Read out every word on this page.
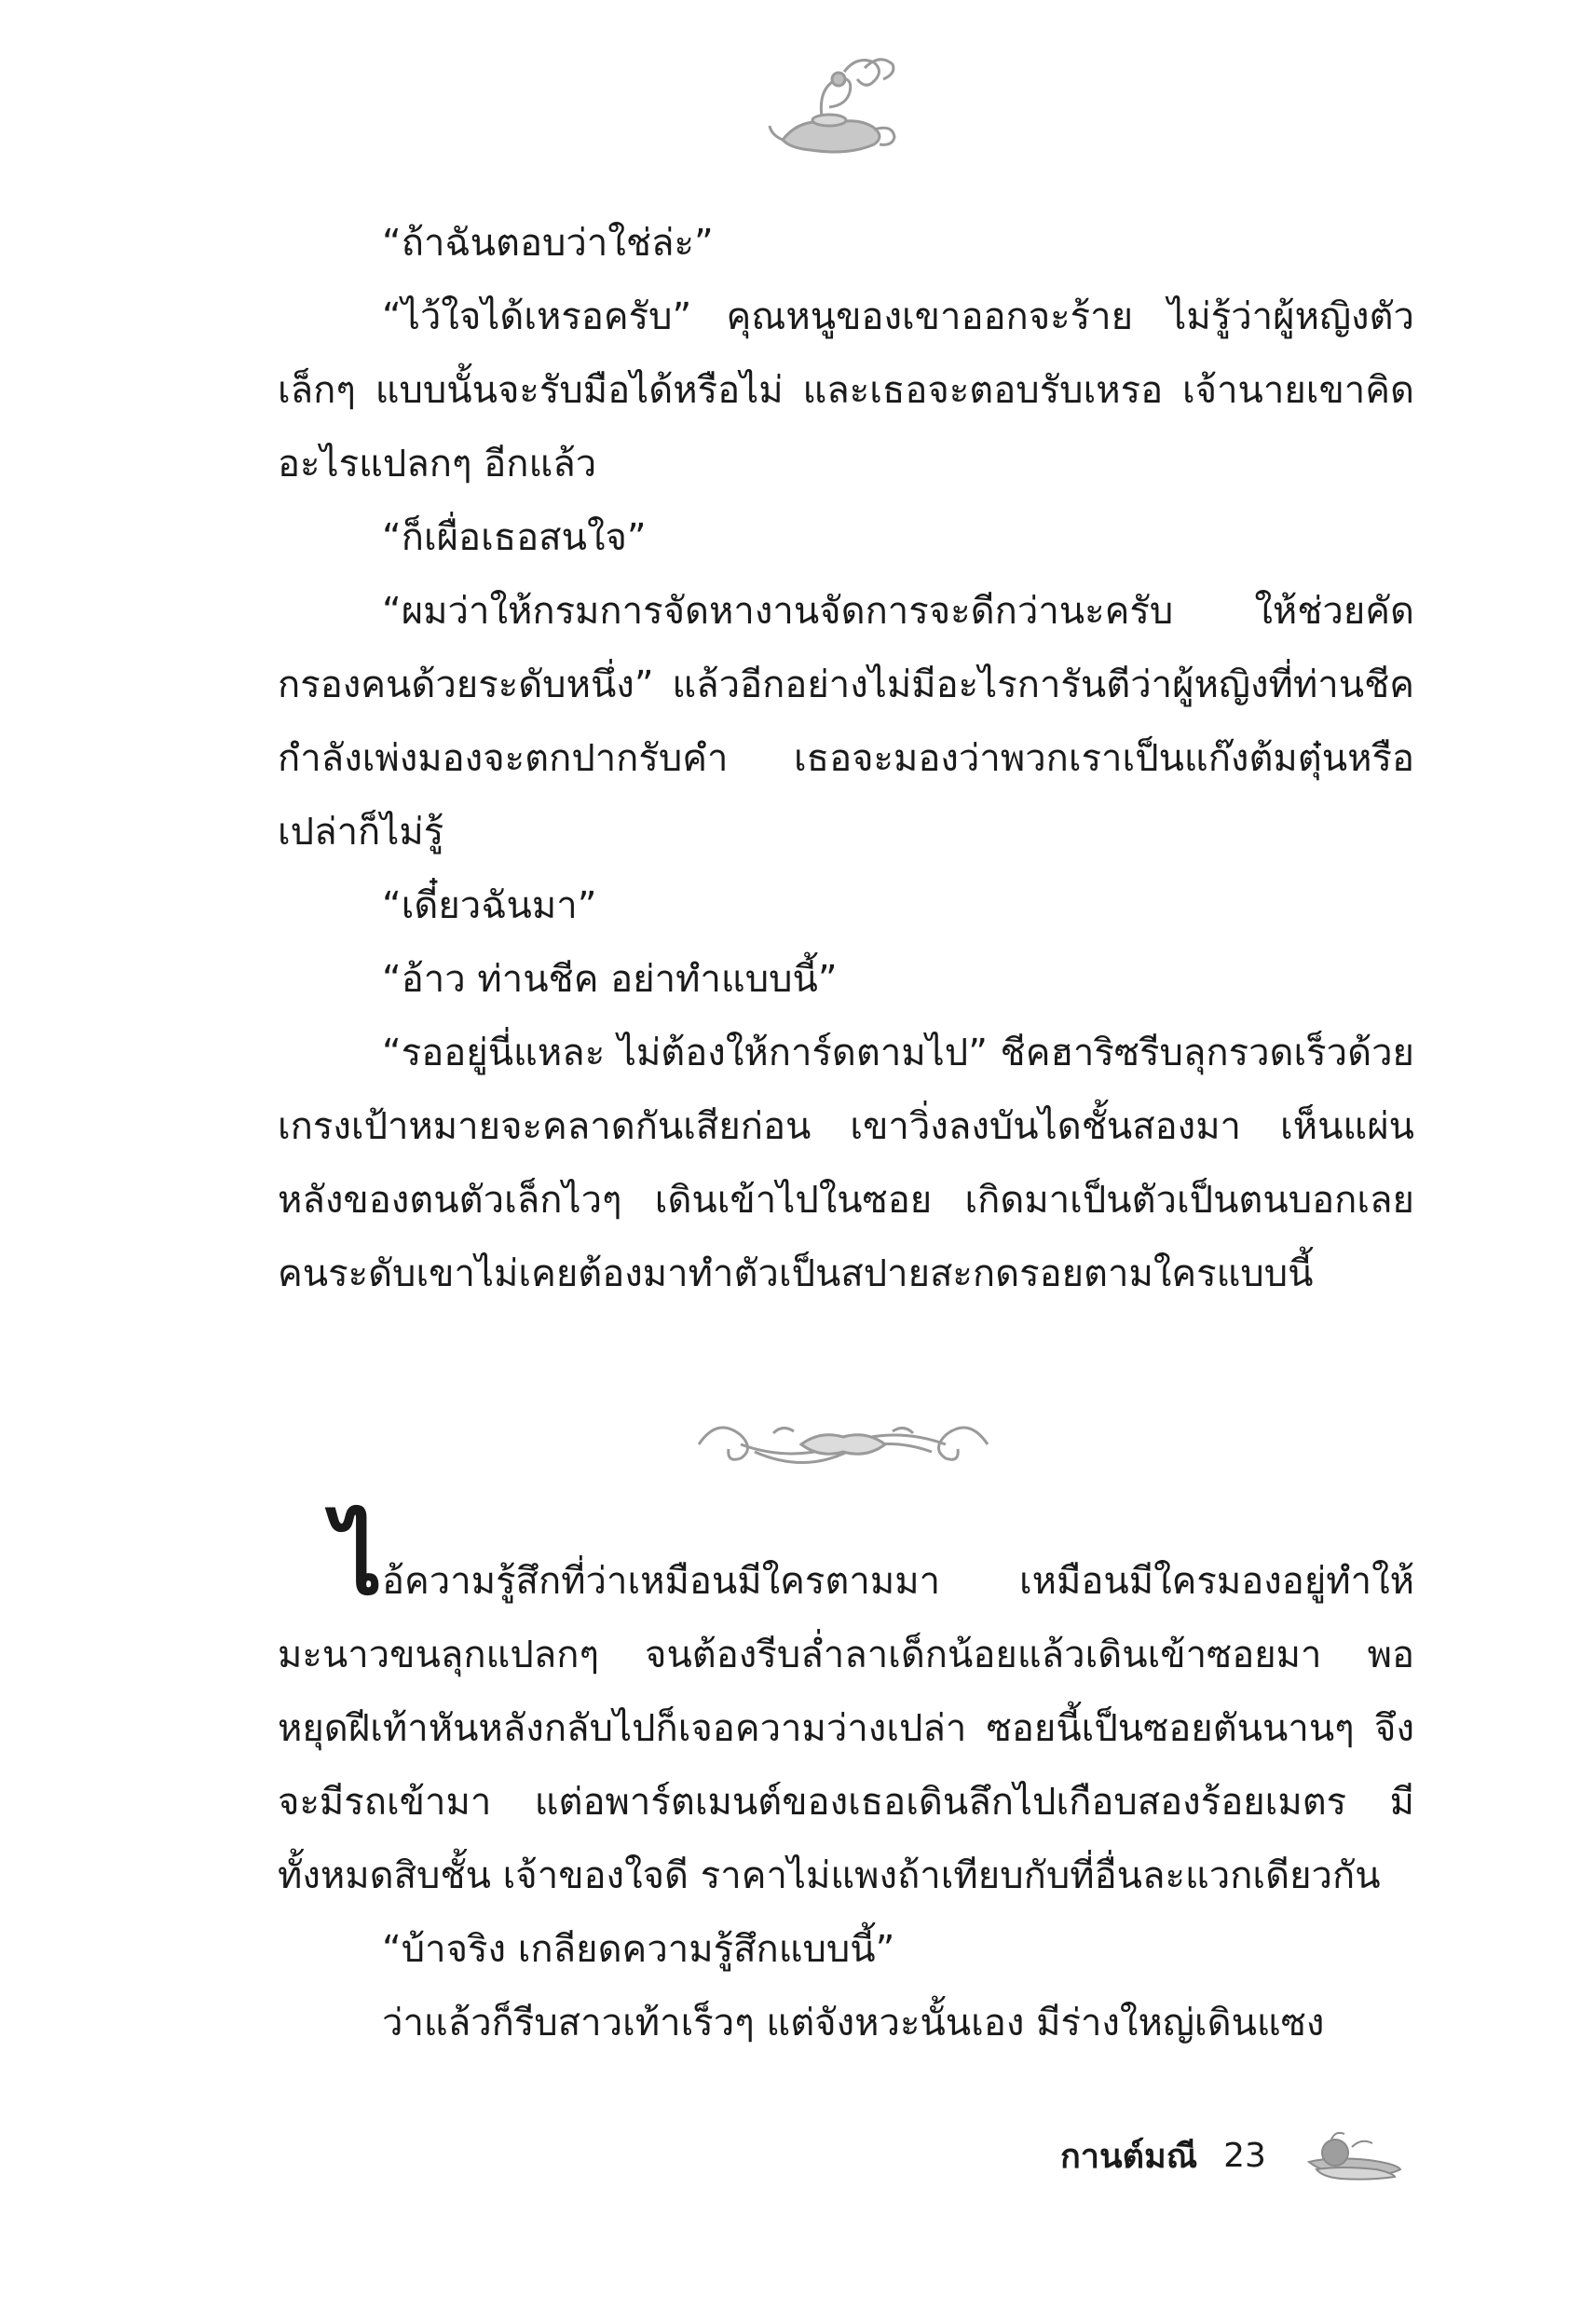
“ถ้าฉันตอบว่าใช่ล่ะ”

“ไว้ใจได้เหรอครับ” คุณหนูของเขาออกจะร้าย ไม่รู้ว่าผู้หญิงตัวเล็กๆ แบบนั้นจะรับมือได้หรือไม่ และเธอจะตอบรับเหรอ เจ้านายเขาคิดอะไรแปลกๆ อีกแล้ว

“ก็เผื่อเธอสนใจ”

“ผมว่าให้กรมการจัดหางานจัดการจะดีกว่านะครับ ให้ช่วยคัดกรองคนด้วยระดับหนึ่ง” แล้วอีกอย่างไม่มีอะไรการันตีว่าผู้หญิงที่ท่านชีคกำลังเพ่งมองจะตกปากรับคำ เธอจะมองว่าพวกเราเป็นแก๊งต้มตุ๋นหรือเปล่าก็ไม่รู้

“เดี๋ยวฉันมา”

“อ้าว ท่านชีค อย่าทำแบบนี้”

“รออยู่นี่แหละ ไม่ต้องให้การ์ดตามไป” ชีคฮาริซรีบลุกรวดเร็วด้วยเกรงเป้าหมายจะคลาดกันเสียก่อน เขาวิ่งลงบันไดชั้นสองมา เห็นแผ่นหลังของตนตัวเล็กไวๆ เดินเข้าไปในซอย เกิดมาเป็นตัวเป็นตนบอกเลยคนระดับเขาไม่เคยต้องมาทำตัวเป็นสปายสะกดรอยตามใครแบบนี้

ไอ้ความรู้สึกที่ว่าเหมือนมีใครตามมา เหมือนมีใครมองอยู่ทำให้มะนาวขนลุกแปลกๆ จนต้องรีบล่ำลาเด็กน้อยแล้วเดินเข้าซอยมา พอหยุดฝีเท้าหันหลังกลับไปก็เจอความว่างเปล่า ซอยนี้เป็นซอยตันนานๆ จึงจะมีรถเข้ามา แต่อพาร์ตเมนต์ของเธอเดินลึกไปเกือบสองร้อยเมตร มีทั้งหมดสิบชั้น เจ้าของใจดี ราคาไม่แพงถ้าเทียบกับที่อื่นละแวกเดียวกัน

“บ้าจริง เกลียดความรู้สึกแบบนี้”

ว่าแล้วก็รีบสาวเท้าเร็วๆ แต่จังหวะนั้นเอง มีร่างใหญ่เดินแซง

กานต์มณี 23
